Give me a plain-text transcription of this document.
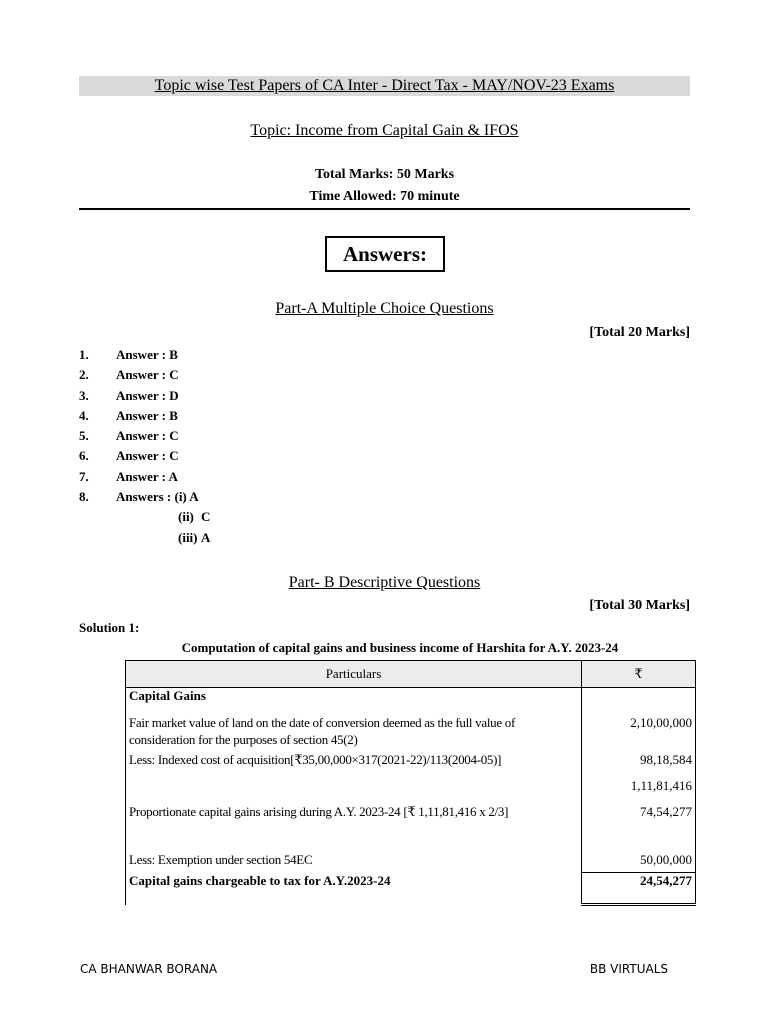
Topic wise Test Papers of CA Inter - Direct Tax - MAY/NOV-23 Exams
Topic: Income from Capital Gain & IFOS
Total Marks: 50 Marks
Time Allowed: 70 minute
Answers:
Part-A Multiple Choice Questions
[Total 20 Marks]
1. Answer : B
2. Answer : C
3. Answer : D
4. Answer : B
5. Answer : C
6. Answer : C
7. Answer : A
8. Answers : (i) A
(ii) C
(iii) A
Part- B Descriptive Questions
[Total 30 Marks]
Solution 1:
Computation of capital gains and business income of Harshita for A.Y. 2023-24
Particulars	₹
Capital Gains	
Fair market value of land on the date of conversion deemed as the full value of consideration for the purposes of section 45(2)	2,10,00,000
Less: Indexed cost of acquisition[₹35,00,000×317(2021-22)/113(2004-05)]	98,18,584
	1,11,81,416
Proportionate capital gains arising during A.Y. 2023-24 [₹ 1,11,81,416 x 2/3]	74,54,277
Less: Exemption under section 54EC	50,00,000
Capital gains chargeable to tax for A.Y.2023-24	24,54,277
CA BHANWAR BORANA	BB VIRTUALS
